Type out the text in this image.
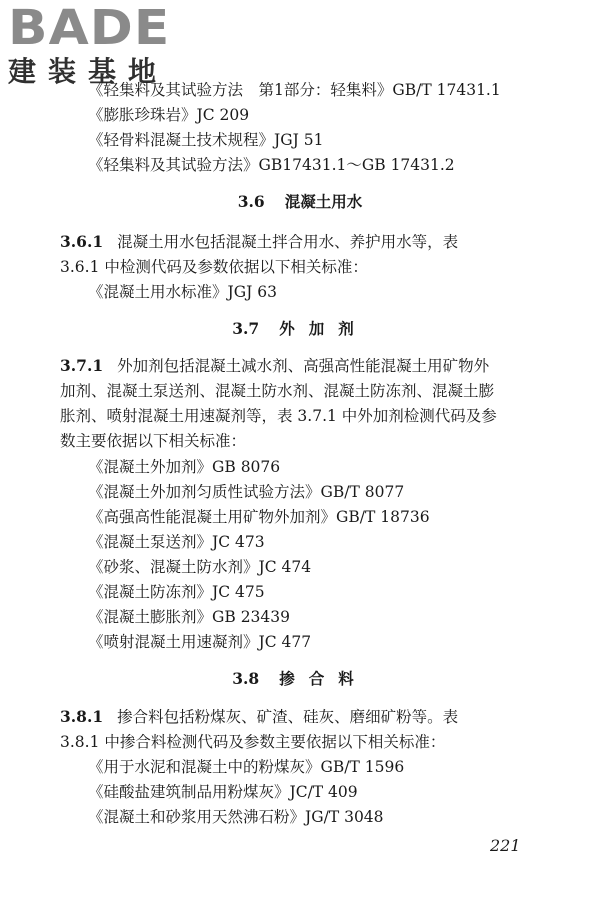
BADE
建装基地
《轻集料及其试验方法　第1部分：轻集料》GB/T 17431.1
《膨胀珍珠岩》JC 209
《轻骨料混凝土技术规程》JGJ 51
《轻集料及其试验方法》GB17431.1～GB 17431.2
3.6 混凝土用水
3.6.1 混凝土用水包括混凝土拌合用水、养护用水等，表
3.6.1 中检测代码及参数依据以下相关标准：
《混凝土用水标准》JGJ 63
3.7 外加剂
3.7.1 外加剂包括混凝土减水剂、高强高性能混凝土用矿物外
加剂、混凝土泵送剂、混凝土防水剂、混凝土防冻剂、混凝土膨
胀剂、喷射混凝土用速凝剂等，表 3.7.1 中外加剂检测代码及参
数主要依据以下相关标准：
《混凝土外加剂》GB 8076
《混凝土外加剂匀质性试验方法》GB/T 8077
《高强高性能混凝土用矿物外加剂》GB/T 18736
《混凝土泵送剂》JC 473
《砂浆、混凝土防水剂》JC 474
《混凝土防冻剂》JC 475
《混凝土膨胀剂》GB 23439
《喷射混凝土用速凝剂》JC 477
3.8 掺合料
3.8.1 掺合料包括粉煤灰、矿渣、硅灰、磨细矿粉等。表
3.8.1 中掺合料检测代码及参数主要依据以下相关标准：
《用于水泥和混凝土中的粉煤灰》GB/T 1596
《硅酸盐建筑制品用粉煤灰》JC/T 409
《混凝土和砂浆用天然沸石粉》JG/T 3048
221
